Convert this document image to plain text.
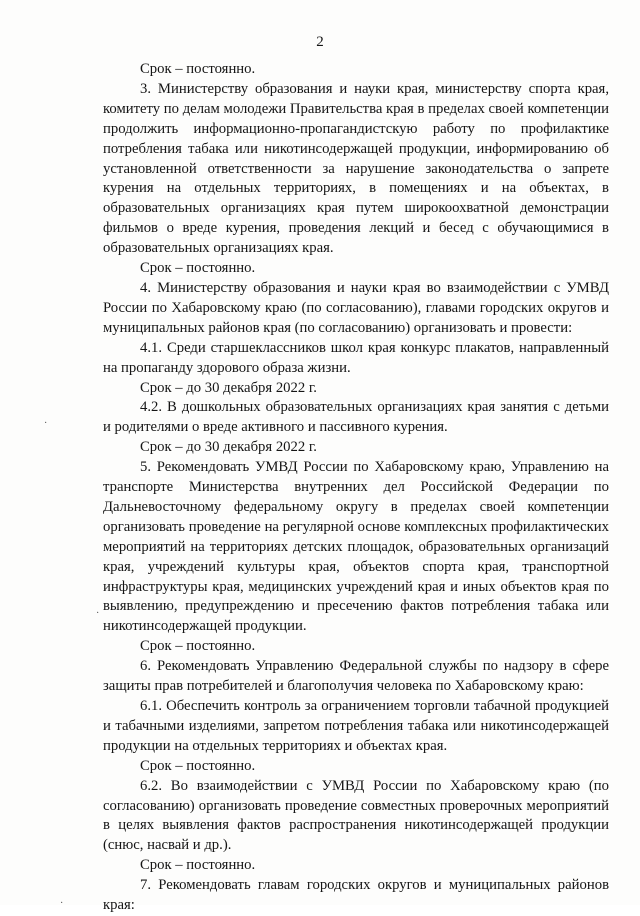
2

Срок – постоянно.

3. Министерству образования и науки края, министерству спорта края, комитету по делам молодежи Правительства края в пределах своей компетенции продолжить информационно-пропагандистскую работу по профилактике потребления табака или никотинсодержащей продукции, информированию об установленной ответственности за нарушение законодательства о запрете курения на отдельных территориях, в помещениях и на объектах, в образовательных организациях края путем широкоохватной демонстрации фильмов о вреде курения, проведения лекций и бесед с обучающимися в образовательных организациях края.

Срок – постоянно.

4. Министерству образования и науки края во взаимодействии с УМВД России по Хабаровскому краю (по согласованию), главами городских округов и муниципальных районов края (по согласованию) организовать и провести:

4.1. Среди старшеклассников школ края конкурс плакатов, направленный на пропаганду здорового образа жизни.

Срок – до 30 декабря 2022 г.

4.2. В дошкольных образовательных организациях края занятия с детьми и родителями о вреде активного и пассивного курения.

Срок – до 30 декабря 2022 г.

5. Рекомендовать УМВД России по Хабаровскому краю, Управлению на транспорте Министерства внутренних дел Российской Федерации по Дальневосточному федеральному округу в пределах своей компетенции организовать проведение на регулярной основе комплексных профилактических мероприятий на территориях детских площадок, образовательных организаций края, учреждений культуры края, объектов спорта края, транспортной инфраструктуры края, медицинских учреждений края и иных объектов края по выявлению, предупреждению и пресечению фактов потребления табака или никотинсодержащей продукции.

Срок – постоянно.

6. Рекомендовать Управлению Федеральной службы по надзору в сфере защиты прав потребителей и благополучия человека по Хабаровскому краю:

6.1. Обеспечить контроль за ограничением торговли табачной продукцией и табачными изделиями, запретом потребления табака или никотинсодержащей продукции на отдельных территориях и объектах края.

Срок – постоянно.

6.2. Во взаимодействии с УМВД России по Хабаровскому краю (по согласованию) организовать проведение совместных проверочных мероприятий в целях выявления фактов распространения никотинсодержащей продукции (снюс, насвай и др.).

Срок – постоянно.

7. Рекомендовать главам городских округов и муниципальных районов края:

·
·
·
